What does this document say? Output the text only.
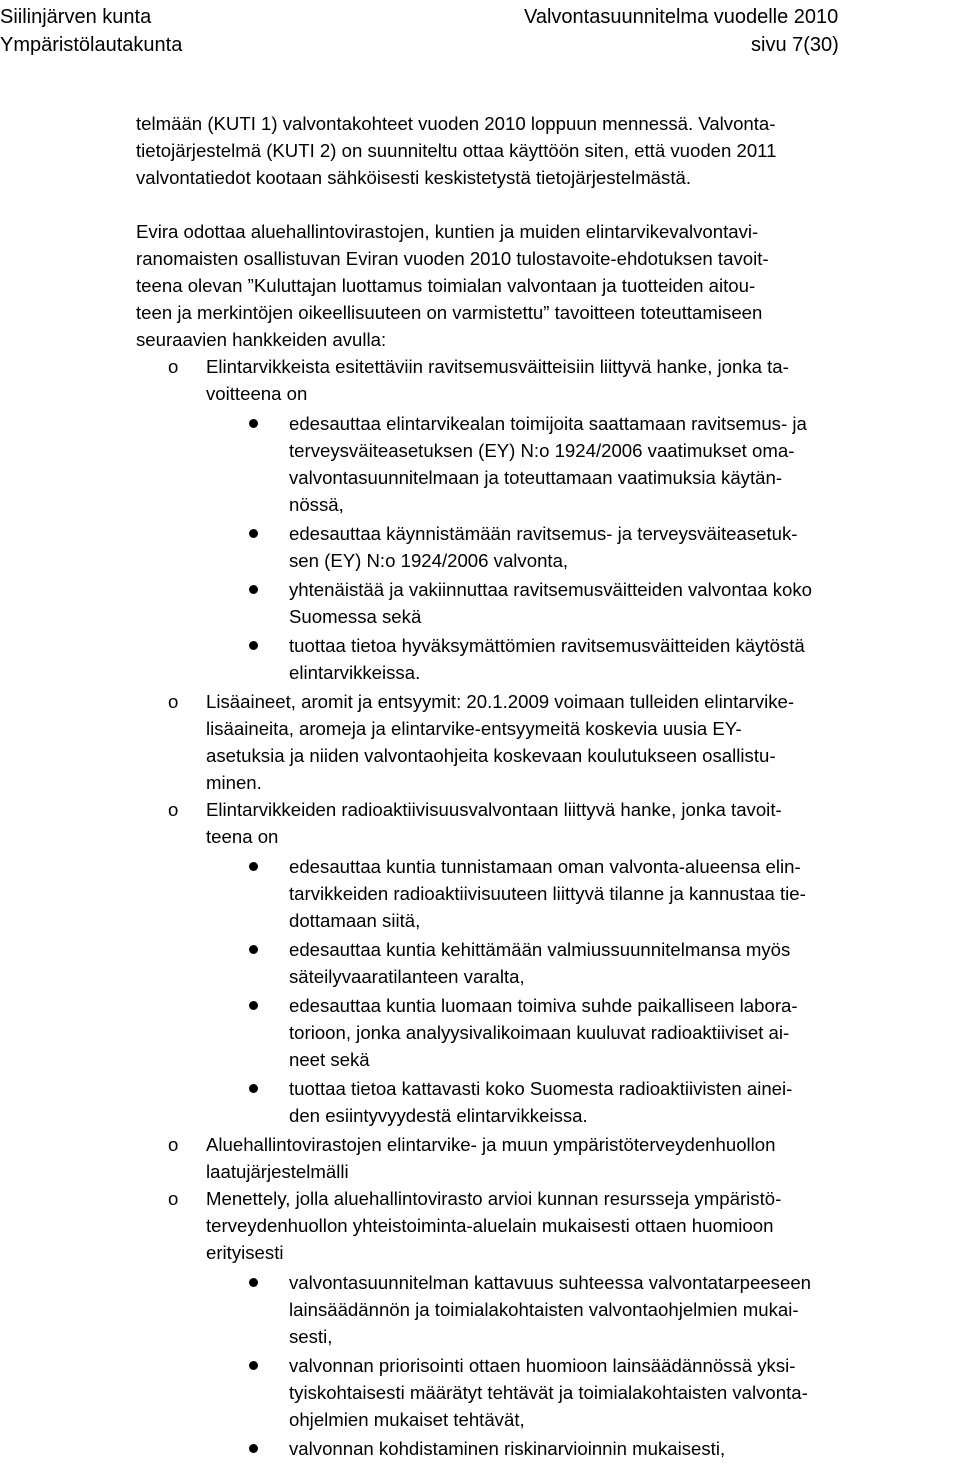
Siilinjärven kunta
Ympäristölautakunta
Valvontasuunnitelma vuodelle 2010
sivu 7(30)
telmään (KUTI 1) valvontakohteet vuoden 2010 loppuun mennessä. Valvonta-
tietojärjestelmä (KUTI 2) on suunniteltu ottaa käyttöön siten, että vuoden 2011
valvontatiedot kootaan sähköisesti keskistetystä tietojärjestelmästä.
Evira odottaa aluehallintovirastojen, kuntien ja muiden elintarvikevalvontavi-
ranomaisten osallistuvan Eviran vuoden 2010 tulostavoite-ehdotuksen tavoit-
teena olevan ”Kuluttajan luottamus toimialan valvontaan ja tuotteiden aitou-
teen ja merkintöjen oikeellisuuteen on varmistettu” tavoitteen toteuttamiseen
seuraavien hankkeiden avulla:
o	Elintarvikkeista esitettäviin ravitsemusväitteisiin liittyvä hanke, jonka ta-
voitteena on
edesauttaa elintarvikealan toimijoita saattamaan ravitsemus- ja
terveysväiteasetuksen (EY) N:o 1924/2006 vaatimukset oma-
valvontasuunnitelmaan ja toteuttamaan vaatimuksia käytän-
nössä,
edesauttaa käynnistämään ravitsemus- ja terveysväiteasetuk-
sen (EY) N:o 1924/2006 valvonta,
yhtenäistää ja vakiinnuttaa ravitsemusväitteiden valvontaa koko
Suomessa sekä
tuottaa tietoa hyväksymättömien ravitsemusväitteiden käytöstä
elintarvikkeissa.
o	Lisäaineet, aromit ja entsyymit: 20.1.2009 voimaan tulleiden elintarvike-
lisäaineita, aromeja ja elintarvike-entsyymeitä koskevia uusia EY-
asetuksia ja niiden valvontaohjeita koskevaan koulutukseen osallistu-
minen.
o	Elintarvikkeiden radioaktiivisuusvalvontaan liittyvä hanke, jonka tavoit-
teena on
edesauttaa kuntia tunnistamaan oman valvonta-alueensa elin-
tarvikkeiden radioaktiivisuuteen liittyvä tilanne ja kannustaa tie-
dottamaan siitä,
edesauttaa kuntia kehittämään valmiussuunnitelmansa myös
säteilyvaaratilanteen varalta,
edesauttaa kuntia luomaan toimiva suhde paikalliseen labora-
torioon, jonka analyysivalikoimaan kuuluvat radioaktiiviset ai-
neet sekä
tuottaa tietoa kattavasti koko Suomesta radioaktiivisten ainei-
den esiintyvyydestä elintarvikkeissa.
o	Aluehallintovirastojen elintarvike- ja muun ympäristöterveydenhuollon
laatujärjestelmälli
o	Menettely, jolla aluehallintovirasto arvioi kunnan resursseja ympäristö-
terveydenhuollon yhteistoiminta-aluelain mukaisesti ottaen huomioon
erityisesti
valvontasuunnitelman kattavuus suhteessa valvontatarpeeseen
lainsäädännön ja toimialakohtaisten valvontaohjelmien mukai-
sesti,
valvonnan priorisointi ottaen huomioon lainsäädännössä yksi-
tyiskohtaisesti määrätyt tehtävät ja toimialakohtaisten valvonta-
ohjelmien mukaiset tehtävät,
valvonnan kohdistaminen riskinarvioinnin mukaisesti,
